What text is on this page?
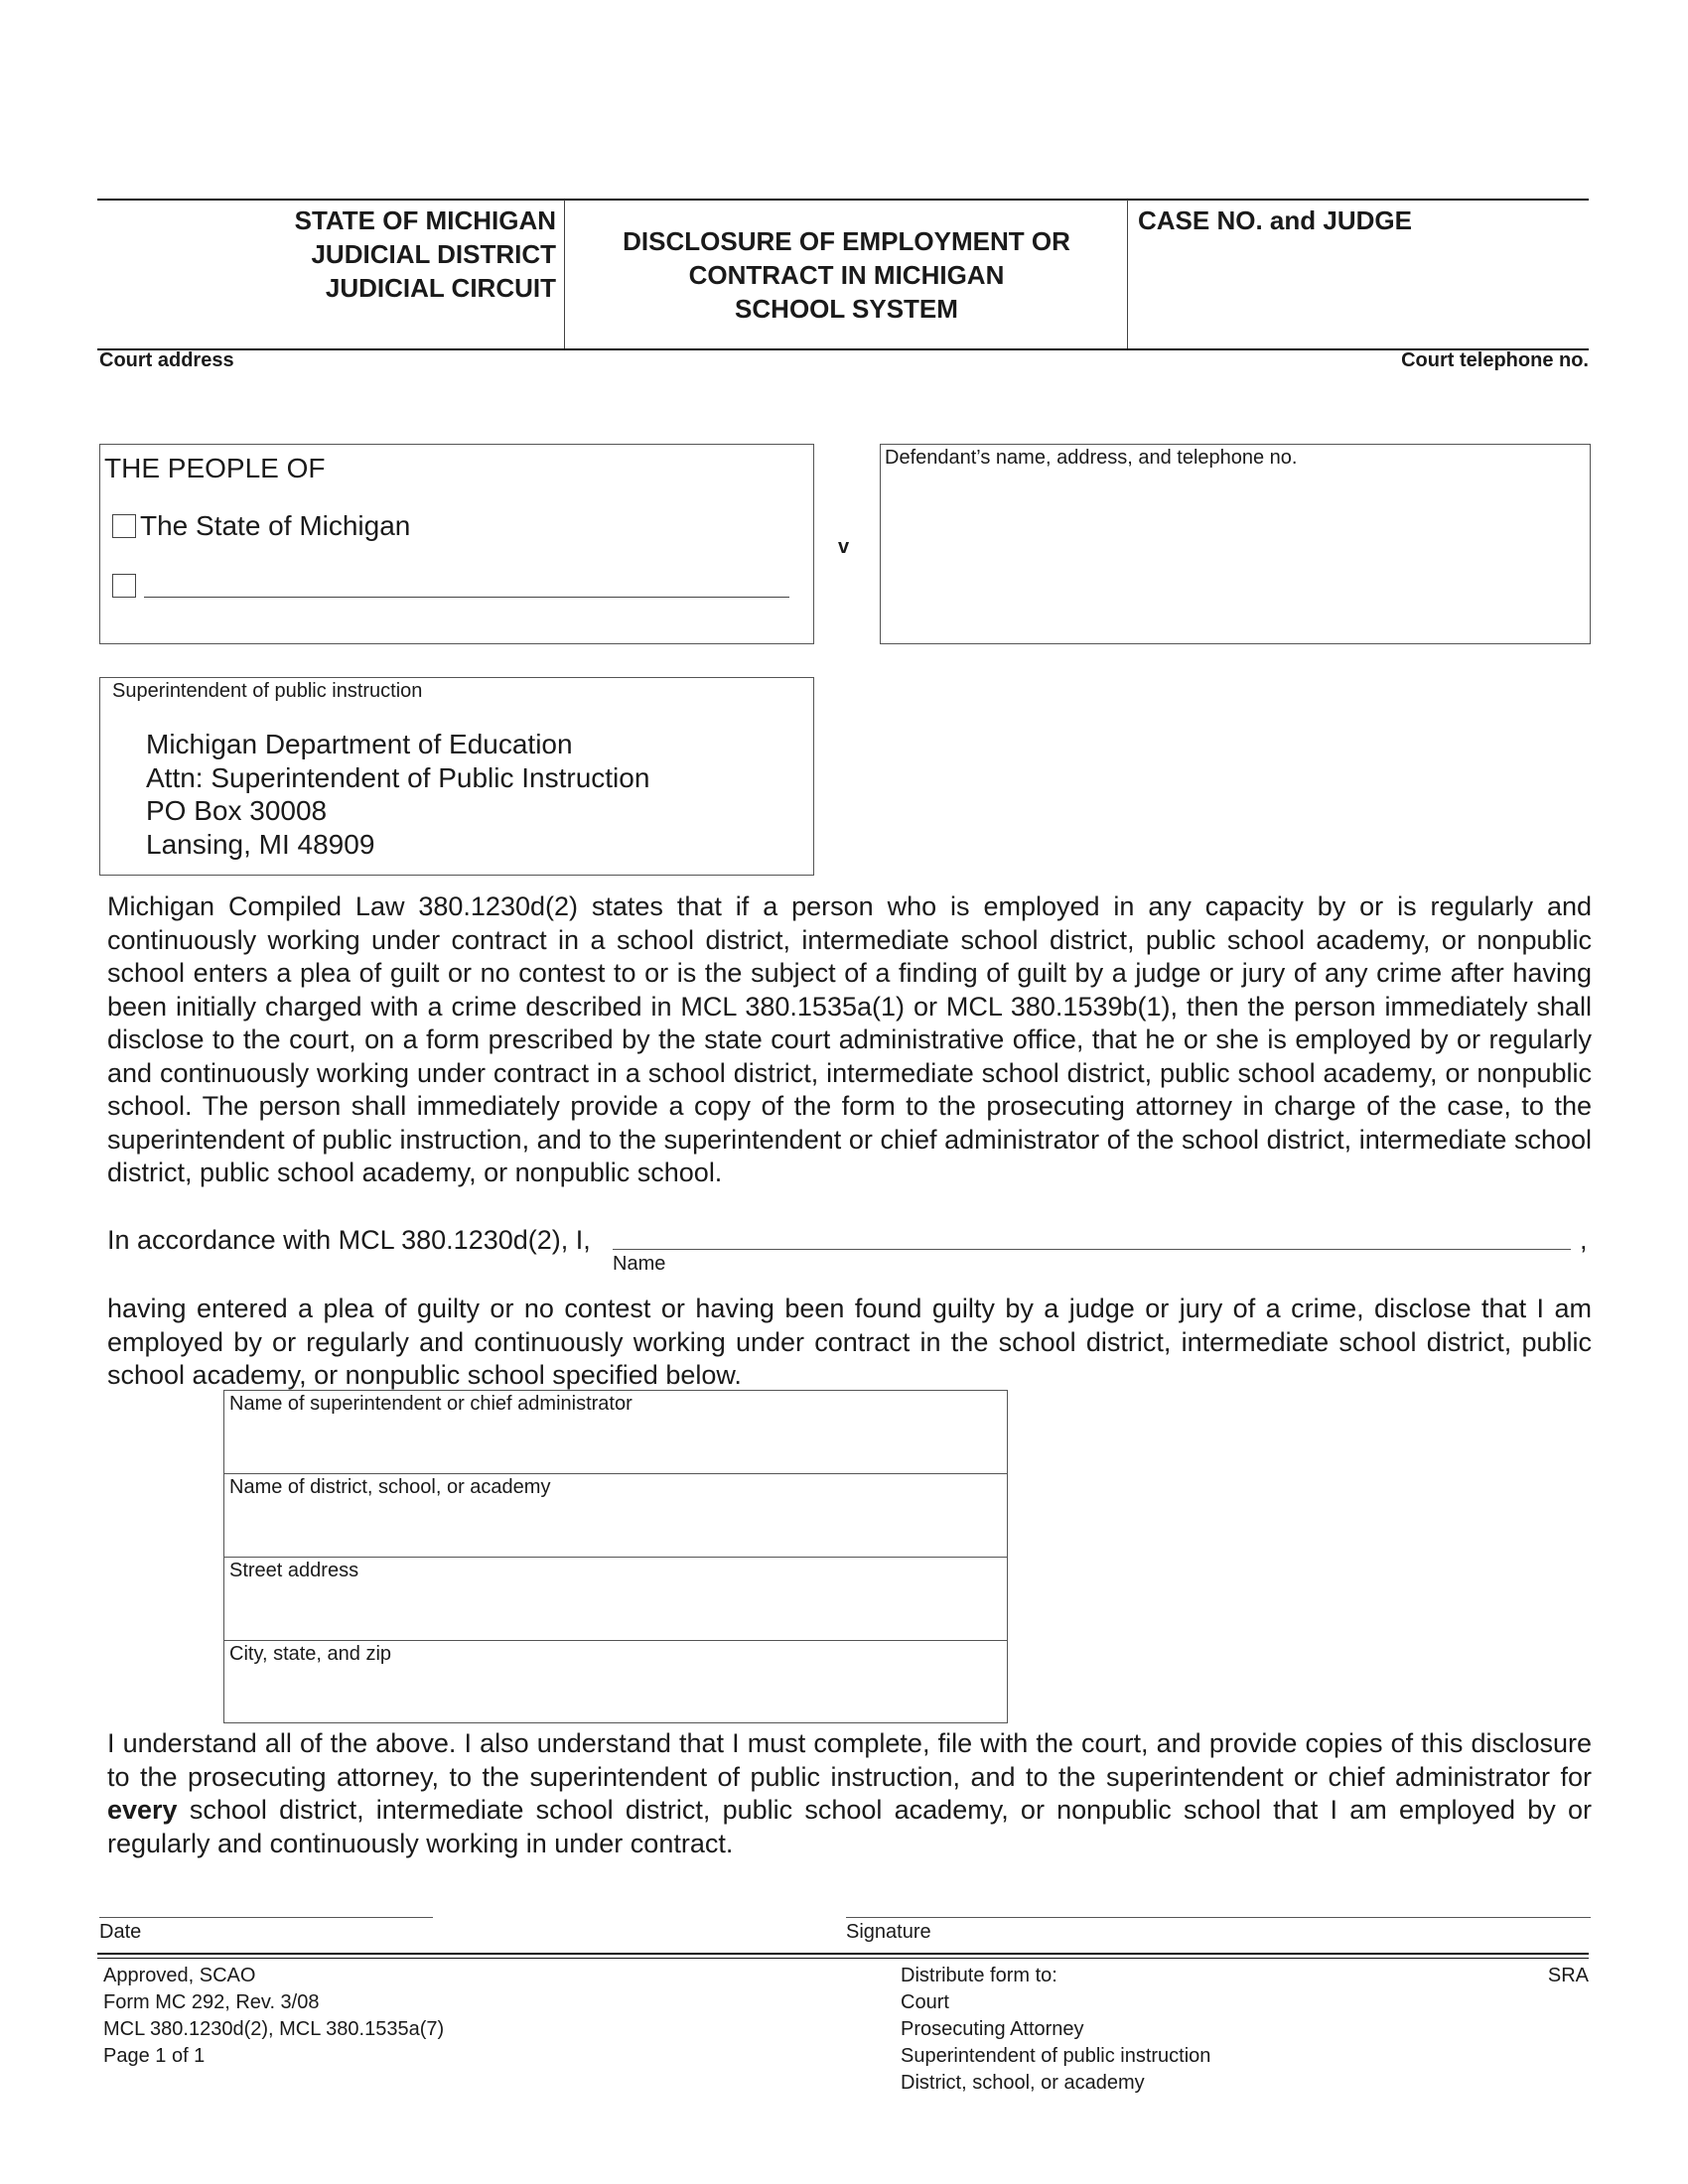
STATE OF MICHIGAN
JUDICIAL DISTRICT
JUDICIAL CIRCUIT
DISCLOSURE OF EMPLOYMENT OR
CONTRACT IN MICHIGAN
SCHOOL SYSTEM
CASE NO. and JUDGE
Court address	Court telephone no.
THE PEOPLE OF
The State of Michigan
v
Defendant’s name, address, and telephone no.
Superintendent of public instruction
Michigan Department of Education
Attn: Superintendent of Public Instruction
PO Box 30008
Lansing, MI 48909
Michigan Compiled Law 380.1230d(2) states that if a person who is employed in any capacity by or is regularly and continuously working under contract in a school district, intermediate school district, public school academy, or nonpublic school enters a plea of guilt or no contest to or is the subject of a finding of guilt by a judge or jury of any crime after having been initially charged with a crime described in MCL 380.1535a(1) or MCL 380.1539b(1), then the person immediately shall disclose to the court, on a form prescribed by the state court administrative office, that he or she is employed by or regularly and continuously working under contract in a school district, intermediate school district, public school academy, or nonpublic school. The person shall immediately provide a copy of the form to the prosecuting attorney in charge of the case, to the superintendent of public instruction, and to the superintendent or chief administrator of the school district, intermediate school district, public school academy, or nonpublic school.
In accordance with MCL 380.1230d(2), I,	,
Name
having entered a plea of guilty or no contest or having been found guilty by a judge or jury of a crime, disclose that I am employed by or regularly and continuously working under contract in the school district, intermediate school district, public school academy, or nonpublic school specified below.
Name of superintendent or chief administrator
Name of district, school, or academy
Street address
City, state, and zip
I understand all of the above. I also understand that I must complete, file with the court, and provide copies of this disclosure to the prosecuting attorney, to the superintendent of public instruction, and to the superintendent or chief administrator for every school district, intermediate school district, public school academy, or nonpublic school that I am employed by or regularly and continuously working in under contract.
Date	Signature
Approved, SCAO
Form MC 292, Rev. 3/08
MCL 380.1230d(2), MCL 380.1535a(7)
Page 1 of 1
Distribute form to:
Court
Prosecuting Attorney
Superintendent of public instruction
District, school, or academy
SRA
